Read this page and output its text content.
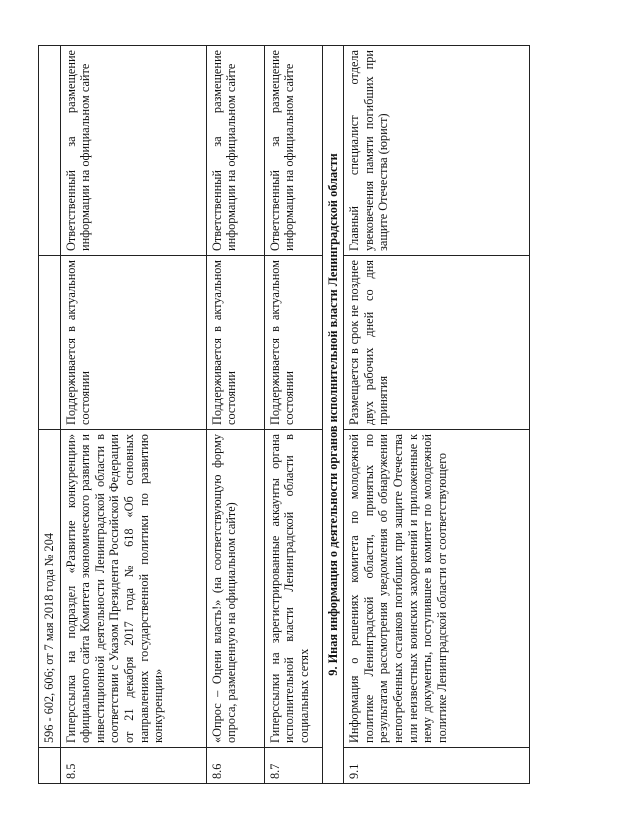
	596 - 602, 606; от 7 мая 2018 года № 204		
8.5	Гиперссылка на подраздел «Развитие конкуренции» официального сайта Комитета экономического развития и инвестиционной деятельности Ленинградской области в соответствии с Указом Президента Российской Федерации от 21 декабря 2017 года № 618 «Об основных направлениях государственной политики по развитию конкуренции»	Поддерживается в актуальном состоянии	Ответственный за размещение информации на официальном сайте
8.6	«Опрос – Оцени власть!» (на соответствующую форму опроса, размещенную на официальном сайте)	Поддерживается в актуальном состоянии	Ответственный за размещение информации на официальном сайте
8.7	Гиперссылки на зарегистрированные аккаунты органа исполнительной власти Ленинградской области в социальных сетях	Поддерживается в актуальном состоянии	Ответственный за размещение информации на официальном сайте
9. Иная информация о деятельности органов исполнительной власти Ленинградской области			
9.1	Информация о решениях комитета по молодежной политике Ленинградской области, принятых по результатам рассмотрения уведомления об обнаружении непогребенных останков погибших при защите Отечества или неизвестных воинских захоронений и приложенные к нему документы, поступившее в комитет по молодежной политике Ленинградской области от соответствующего	Размещается в срок не позднее двух рабочих дней со дня принятия	Главный специалист отдела увековечения памяти погибших при защите Отечества (юрист)
